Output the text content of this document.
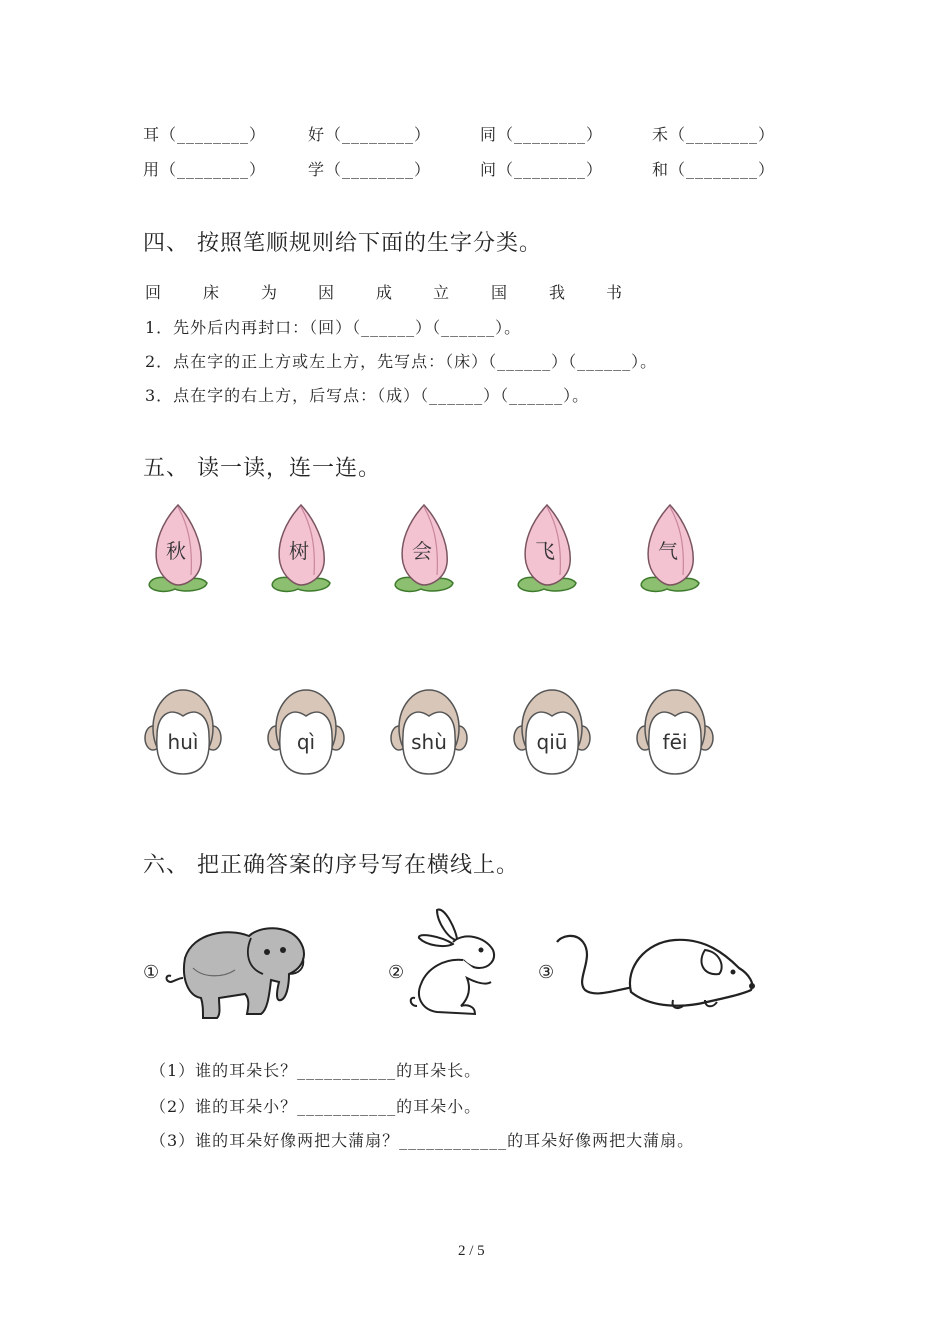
耳（________）	好（________）	同（________）	禾（________）
用（________）	学（________）	问（________）	和（________）
四、 按照笔顺规则给下面的生字分类。
回	床	为 因	成 立	国	我 书
1．先外后内再封口：（回）（______）（______）。
2．点在字的正上方或左上方，先写点：（床）（______）（______）。
3．点在字的右上方，后写点：（成）（______）（______）。
五、 读一读，连一连。
秋	树	会	飞	气
huì	qì	shù	qiū	fēi
六、 把正确答案的序号写在横线上。
①	②	③
（1）谁的耳朵长？___________的耳朵长。
（2）谁的耳朵小？___________的耳朵小。
（3）谁的耳朵好像两把大蒲扇？____________的耳朵好像两把大蒲扇。
2 / 5
